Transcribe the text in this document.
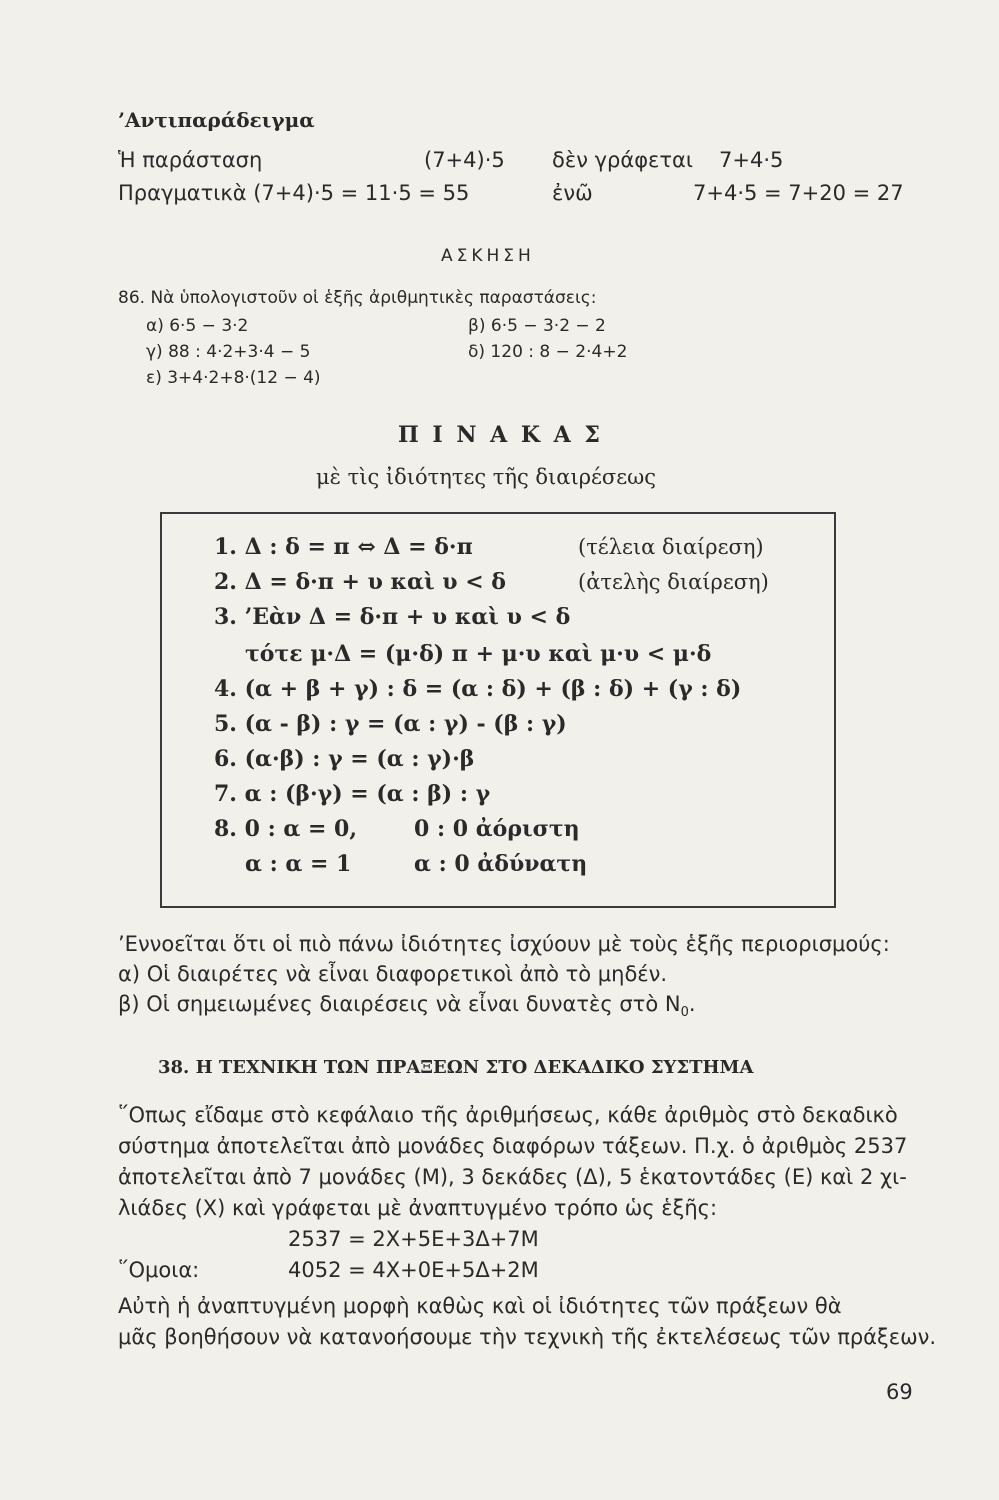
’Αντιπαράδειγμα
Ἡ παράσταση	(7+4)·5 δὲν γράφεται 7+4·5
Πραγματικὰ (7+4)·5 = 11·5 = 55	ἐνῶ	7+4·5 = 7+20 = 27
ΑΣΚΗΣΗ
86. Νὰ ὑπολογιστοῦν οἱ ἑξῆς ἀριθμητικὲς παραστάσεις:
α) 6·5 − 3·2	β) 6·5 − 3·2 − 2
γ) 88 : 4·2+3·4 − 5	δ) 120 : 8 − 2·4+2
ε) 3+4·2+8·(12 − 4)
Π Ι Ν Α Κ Α Σ
μὲ τὶς ἰδιότητες τῆς διαιρέσεως
1. Δ : δ = π ⇔ Δ = δ·π	(τέλεια διαίρεση)
2. Δ = δ·π + υ καὶ υ < δ	(ἀτελὴς διαίρεση)
3. ’Εὰν Δ = δ·π + υ καὶ υ < δ
τότε μ·Δ = (μ·δ) π + μ·υ καὶ μ·υ < μ·δ
4. (α + β + γ) : δ = (α : δ) + (β : δ) + (γ : δ)
5. (α - β) : γ = (α : γ) - (β : γ)
6. (α·β) : γ = (α : γ)·β
7. α : (β·γ) = (α : β) : γ
8. 0 : α = 0,	0 : 0 ἀόριστη
α : α = 1	α : 0 ἀδύνατη
’Εννοεῖται ὅτι οἱ πιὸ πάνω ἰδιότητες ἰσχύουν μὲ τοὺς ἑξῆς περιορισμούς:
α) Οἱ διαιρέτες νὰ εἶναι διαφορετικοὶ ἀπὸ τὸ μηδέν.
β) Οἱ σημειωμένες διαιρέσεις νὰ εἶναι δυνατὲς στὸ $N_0$.
38. Η ΤΕΧΝΙΚΗ ΤΩΝ ΠΡΑΞΕΩΝ ΣΤΟ ΔΕΚΑΔΙΚΟ ΣΥΣΤΗΜΑ
῞Οπως εἴδαμε στὸ κεφάλαιο τῆς ἀριθμήσεως, κάθε ἀριθμὸς στὸ δεκαδικὸ
σύστημα ἀποτελεῖται ἀπὸ μονάδες διαφόρων τάξεων. Π.χ. ὁ ἀριθμὸς 2537
ἀποτελεῖται ἀπὸ 7 μονάδες (Μ), 3 δεκάδες (Δ), 5 ἑκατοντάδες (Ε) καὶ 2 χι-
λιάδες (Χ) καὶ γράφεται μὲ ἀναπτυγμένο τρόπο ὡς ἑξῆς:
2537 = 2Χ+5Ε+3Δ+7Μ
῞Ομοια:	4052 = 4Χ+0Ε+5Δ+2Μ
Αὐτὴ ἡ ἀναπτυγμένη μορφὴ καθὼς καὶ οἱ ἰδιότητες τῶν πράξεων θὰ
μᾶς βοηθήσουν νὰ κατανοήσουμε τὴν τεχνικὴ τῆς ἐκτελέσεως τῶν πράξεων.
69
